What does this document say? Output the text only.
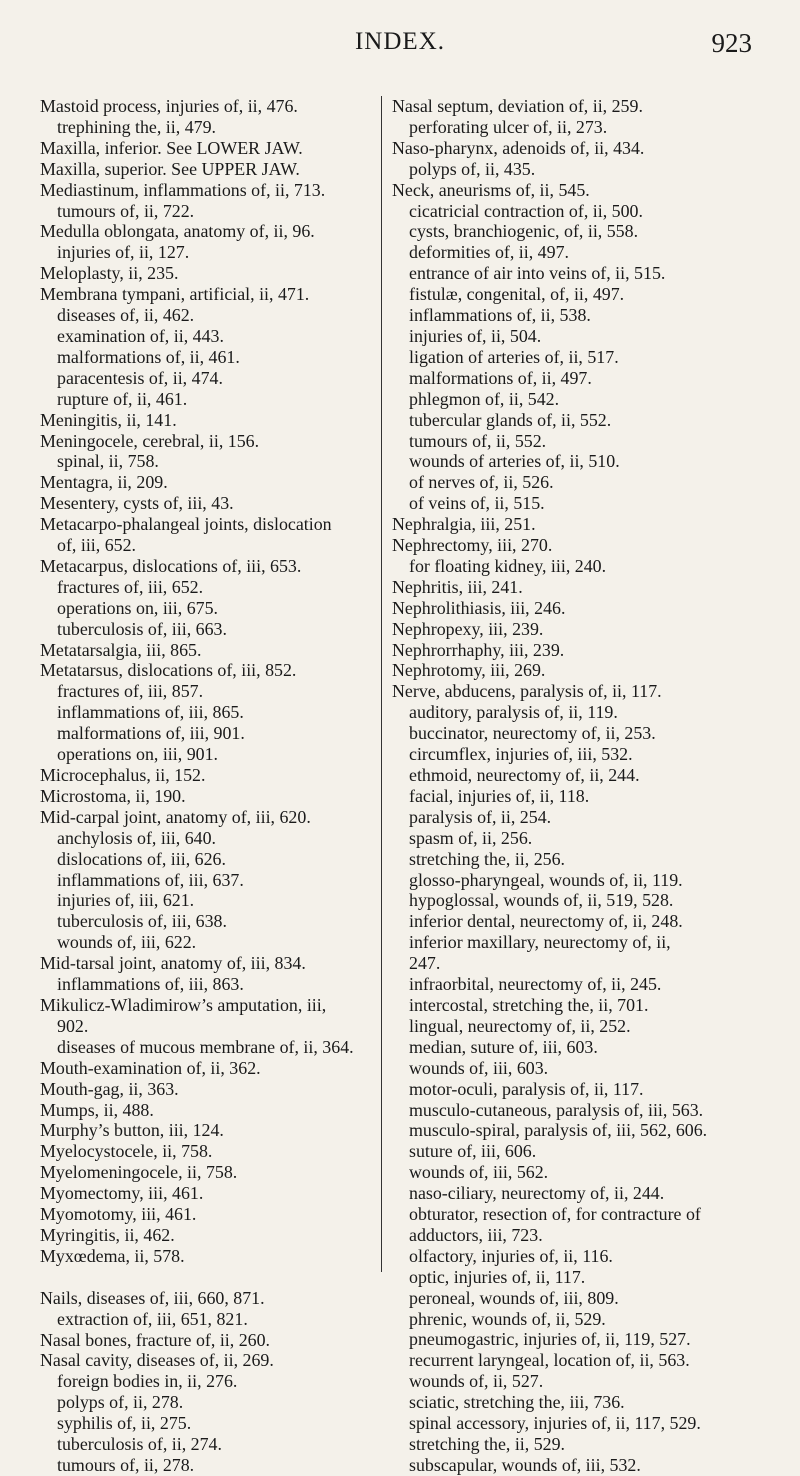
INDEX.	923
Mastoid process, injuries of, ii, 476.
trephining the, ii, 479.
Maxilla, inferior. See LOWER JAW.
Maxilla, superior. See UPPER JAW.
Mediastinum, inflammations of, ii, 713.
tumours of, ii, 722.
Medulla oblongata, anatomy of, ii, 96.
injuries of, ii, 127.
Meloplasty, ii, 235.
Membrana tympani, artificial, ii, 471.
diseases of, ii, 462.
examination of, ii, 443.
malformations of, ii, 461.
paracentesis of, ii, 474.
rupture of, ii, 461.
Meningitis, ii, 141.
Meningocele, cerebral, ii, 156.
spinal, ii, 758.
Mentagra, ii, 209.
Mesentery, cysts of, iii, 43.
Metacarpo-phalangeal joints, dislocation
of, iii, 652.
Metacarpus, dislocations of, iii, 653.
fractures of, iii, 652.
operations on, iii, 675.
tuberculosis of, iii, 663.
Metatarsalgia, iii, 865.
Metatarsus, dislocations of, iii, 852.
fractures of, iii, 857.
inflammations of, iii, 865.
malformations of, iii, 901.
operations on, iii, 901.
Microcephalus, ii, 152.
Microstoma, ii, 190.
Mid-carpal joint, anatomy of, iii, 620.
anchylosis of, iii, 640.
dislocations of, iii, 626.
inflammations of, iii, 637.
injuries of, iii, 621.
tuberculosis of, iii, 638.
wounds of, iii, 622.
Mid-tarsal joint, anatomy of, iii, 834.
inflammations of, iii, 863.
Mikulicz-Wladimirow’s amputation, iii,
902.
diseases of mucous membrane of, ii, 364.
Mouth-examination of, ii, 362.
Mouth-gag, ii, 363.
Mumps, ii, 488.
Murphy’s button, iii, 124.
Myelocystocele, ii, 758.
Myelomeningocele, ii, 758.
Myomectomy, iii, 461.
Myomotomy, iii, 461.
Myringitis, ii, 462.
Myxœdema, ii, 578.
Nails, diseases of, iii, 660, 871.
extraction of, iii, 651, 821.
Nasal bones, fracture of, ii, 260.
Nasal cavity, diseases of, ii, 269.
foreign bodies in, ii, 276.
polyps of, ii, 278.
syphilis of, ii, 275.
tuberculosis of, ii, 274.
tumours of, ii, 278.
Nasal septum, deviation of, ii, 259.
perforating ulcer of, ii, 273.
Naso-pharynx, adenoids of, ii, 434.
polyps of, ii, 435.
Neck, aneurisms of, ii, 545.
cicatricial contraction of, ii, 500.
cysts, branchiogenic, of, ii, 558.
deformities of, ii, 497.
entrance of air into veins of, ii, 515.
fistulæ, congenital, of, ii, 497.
inflammations of, ii, 538.
injuries of, ii, 504.
ligation of arteries of, ii, 517.
malformations of, ii, 497.
phlegmon of, ii, 542.
tubercular glands of, ii, 552.
tumours of, ii, 552.
wounds of arteries of, ii, 510.
of nerves of, ii, 526.
of veins of, ii, 515.
Nephralgia, iii, 251.
Nephrectomy, iii, 270.
for floating kidney, iii, 240.
Nephritis, iii, 241.
Nephrolithiasis, iii, 246.
Nephropexy, iii, 239.
Nephrorrhaphy, iii, 239.
Nephrotomy, iii, 269.
Nerve, abducens, paralysis of, ii, 117.
auditory, paralysis of, ii, 119.
buccinator, neurectomy of, ii, 253.
circumflex, injuries of, iii, 532.
ethmoid, neurectomy of, ii, 244.
facial, injuries of, ii, 118.
paralysis of, ii, 254.
spasm of, ii, 256.
stretching the, ii, 256.
glosso-pharyngeal, wounds of, ii, 119.
hypoglossal, wounds of, ii, 519, 528.
inferior dental, neurectomy of, ii, 248.
inferior maxillary, neurectomy of, ii,
247.
infraorbital, neurectomy of, ii, 245.
intercostal, stretching the, ii, 701.
lingual, neurectomy of, ii, 252.
median, suture of, iii, 603.
wounds of, iii, 603.
motor-oculi, paralysis of, ii, 117.
musculo-cutaneous, paralysis of, iii, 563.
musculo-spiral, paralysis of, iii, 562, 606.
suture of, iii, 606.
wounds of, iii, 562.
naso-ciliary, neurectomy of, ii, 244.
obturator, resection of, for contracture of
adductors, iii, 723.
olfactory, injuries of, ii, 116.
optic, injuries of, ii, 117.
peroneal, wounds of, iii, 809.
phrenic, wounds of, ii, 529.
pneumogastric, injuries of, ii, 119, 527.
recurrent laryngeal, location of, ii, 563.
wounds of, ii, 527.
sciatic, stretching the, iii, 736.
spinal accessory, injuries of, ii, 117, 529.
stretching the, ii, 529.
subscapular, wounds of, iii, 532.
